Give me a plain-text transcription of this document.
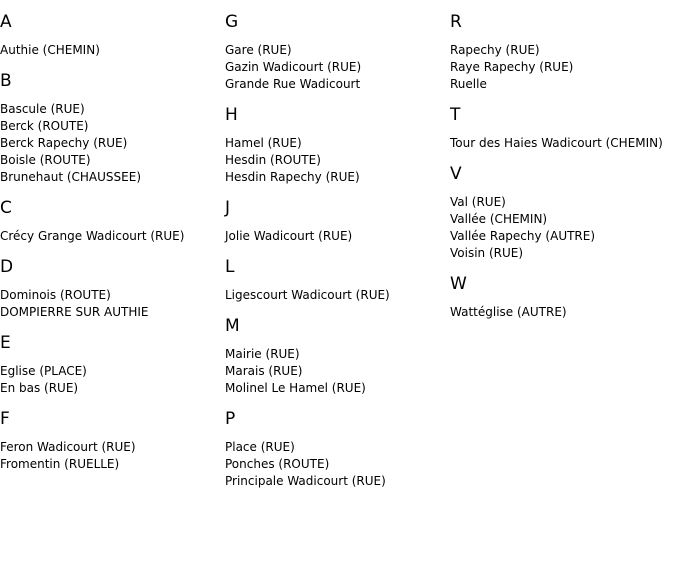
A
Authie (CHEMIN)
B
Bascule (RUE)
Berck (ROUTE)
Berck Rapechy (RUE)
Boisle (ROUTE)
Brunehaut (CHAUSSEE)
C
Crécy Grange Wadicourt (RUE)
D
Dominois (ROUTE)
DOMPIERRE SUR AUTHIE
E
Eglise (PLACE)
En bas (RUE)
F
Feron Wadicourt (RUE)
Fromentin (RUELLE)
G
Gare (RUE)
Gazin Wadicourt (RUE)
Grande Rue Wadicourt
H
Hamel (RUE)
Hesdin (ROUTE)
Hesdin Rapechy (RUE)
J
Jolie Wadicourt (RUE)
L
Ligescourt Wadicourt (RUE)
M
Mairie (RUE)
Marais (RUE)
Molinel Le Hamel (RUE)
P
Place (RUE)
Ponches (ROUTE)
Principale Wadicourt (RUE)
R
Rapechy (RUE)
Raye Rapechy (RUE)
Ruelle
T
Tour des Haies Wadicourt (CHEMIN)
V
Val (RUE)
Vallée (CHEMIN)
Vallée Rapechy (AUTRE)
Voisin (RUE)
W
Wattéglise (AUTRE)
